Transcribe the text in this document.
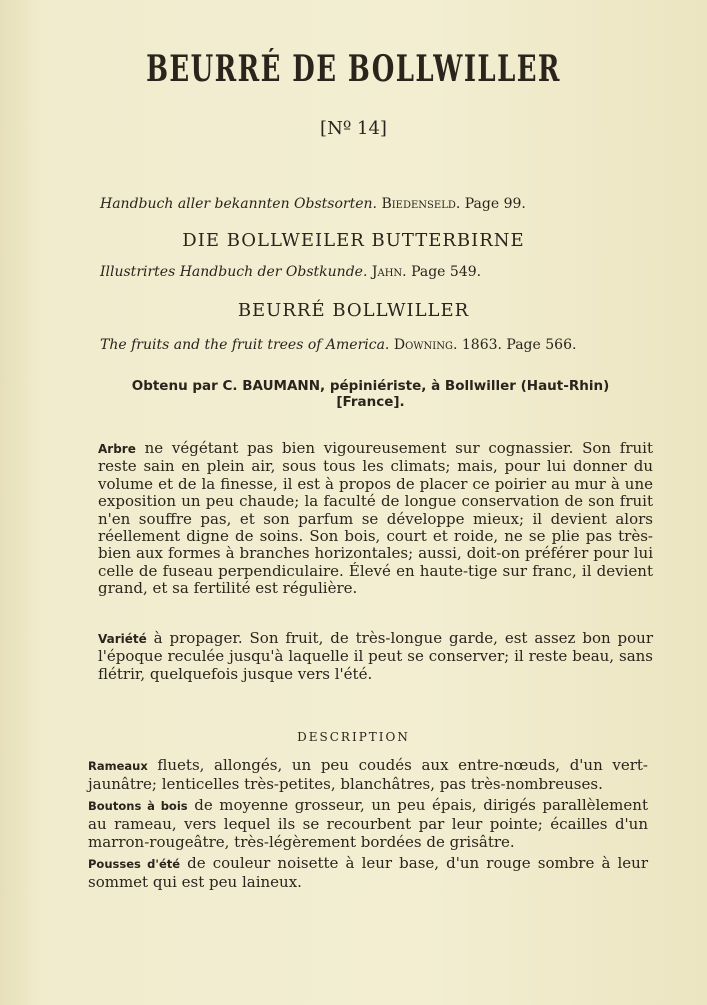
BEURRÉ DE BOLLWILLER
[Nº 14]
Handbuch aller bekannten Obstsorten. Biedenseld. Page 99.
DIE BOLLWEILER BUTTERBIRNE
Illustrirtes Handbuch der Obstkunde. Jahn. Page 549.
BEURRÉ BOLLWILLER
The fruits and the fruit trees of America. Downing. 1863. Page 566.
Obtenu par C. BAUMANN, pépiniériste, à Bollwiller (Haut-Rhin) [France].

Arbre ne végétant pas bien vigoureusement sur cognassier. Son fruit reste sain en plein air, sous tous les climats; mais, pour lui donner du volume et de la finesse, il est à propos de placer ce poirier au mur à une exposition un peu chaude; la faculté de longue conservation de son fruit n'en souffre pas, et son parfum se développe mieux; il devient alors réellement digne de soins. Son bois, court et roide, ne se plie pas très-bien aux formes à branches horizontales; aussi, doit-on préférer pour lui celle de fuseau perpendiculaire. Élevé en haute-tige sur franc, il devient grand, et sa fertilité est régulière.

Variété à propager. Son fruit, de très-longue garde, est assez bon pour l'époque reculée jusqu'à laquelle il peut se conserver; il reste beau, sans flétrir, quelquefois jusque vers l'été.

DESCRIPTION

Rameaux fluets, allongés, un peu coudés aux entre-nœuds, d'un vert-jaunâtre; lenticelles très-petites, blanchâtres, pas très-nombreuses.

Boutons à bois de moyenne grosseur, un peu épais, dirigés parallèlement au rameau, vers lequel ils se recourbent par leur pointe; écailles d'un marron-rougeâtre, très-légèrement bordées de grisâtre.

Pousses d'été de couleur noisette à leur base, d'un rouge sombre à leur sommet qui est peu laineux.
